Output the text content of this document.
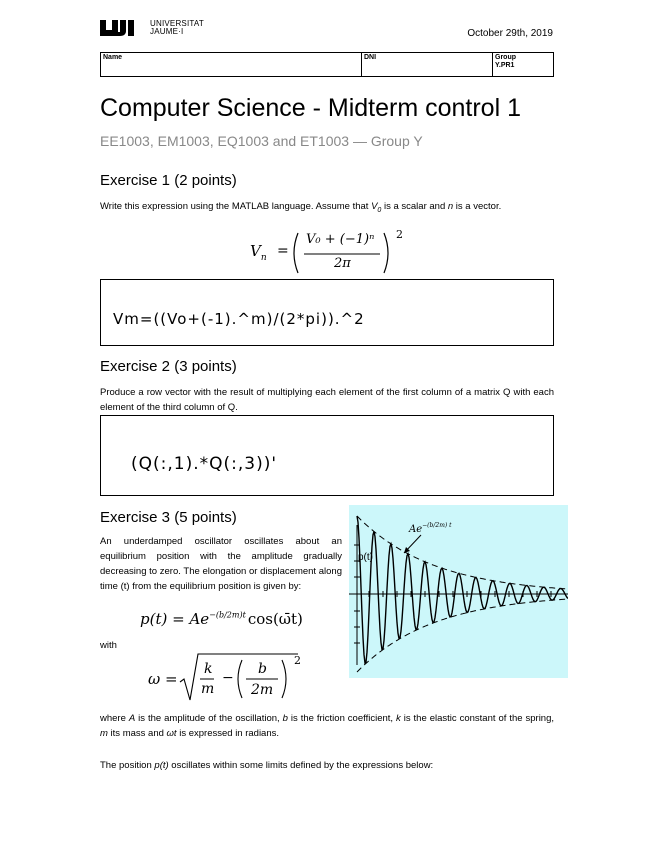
UNIVERSITAT
JAUME·I	October 29th, 2019
Name	DNI	Group
Y.PR1
Computer Science - Midterm control 1
EE1003, EM1003, EQ1003 and ET1003 — Group Y
Exercise 1 (2 points)
Write this expression using the MATLAB language. Assume that $V_0$ is a scalar and n is a vector.
$V_n$ =
V₀ + (−1)ⁿ
2π
2
Vm=((Vo+(-1).^m)/(2*pi)).^2
Exercise 2 (3 points)
Produce a row vector with the result of multiplying each element of the first column of a matrix Q with each element of the third column of Q.
(Q(:,1).*Q(:,3))'
Exercise 3 (5 points)
An underdamped oscillator oscillates about an equilibrium position with the amplitude gradually decreasing to zero. The elongation or displacement along time (t) from the equilibrium position is given by:
$p(t) = Ae^{-(b/2m)t}$ cos(ω̄t)
with
ω =
k
m
−
b
2m
2
$Ae^{-(b/2m) t}$
p(t)
where A is the amplitude of the oscillation, b is the friction coefficient, k is the elastic constant of the spring, m its mass and ωt is expressed in radians.
The position p(t) oscillates within some limits defined by the expressions below:
